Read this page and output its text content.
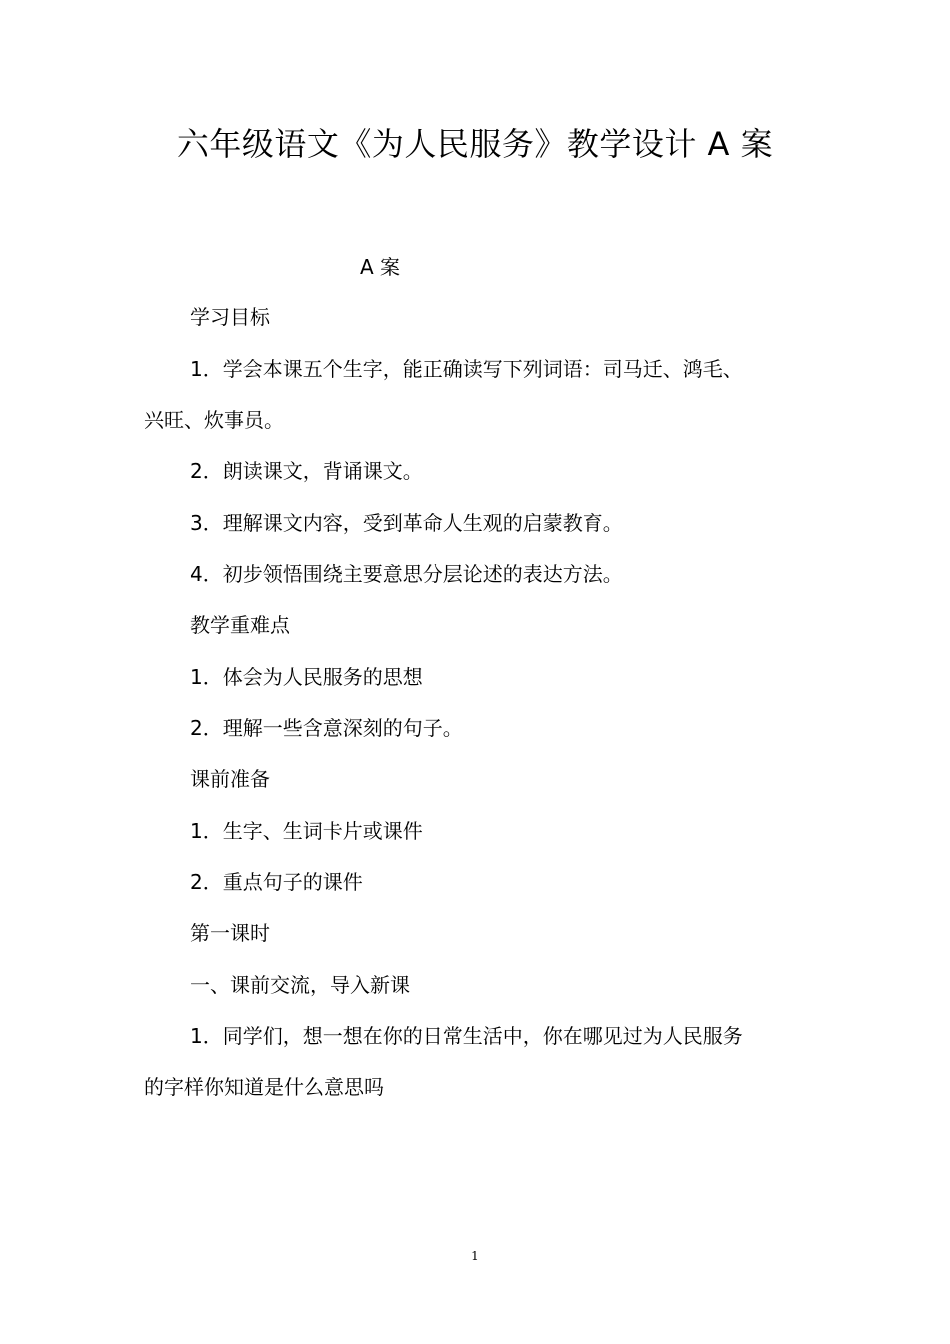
六年级语文《为人民服务》教学设计 A 案
A 案
学习目标
1．学会本课五个生字，能正确读写下列词语：司马迁、鸿毛、
兴旺、炊事员。
2．朗读课文，背诵课文。
3．理解课文内容，受到革命人生观的启蒙教育。
4．初步领悟围绕主要意思分层论述的表达方法。
教学重难点
1．体会为人民服务的思想
2．理解一些含意深刻的句子。
课前准备
1．生字、生词卡片或课件
2．重点句子的课件
第一课时
一、课前交流，导入新课
1．同学们，想一想在你的日常生活中，你在哪见过为人民服务
的字样你知道是什么意思吗
1
